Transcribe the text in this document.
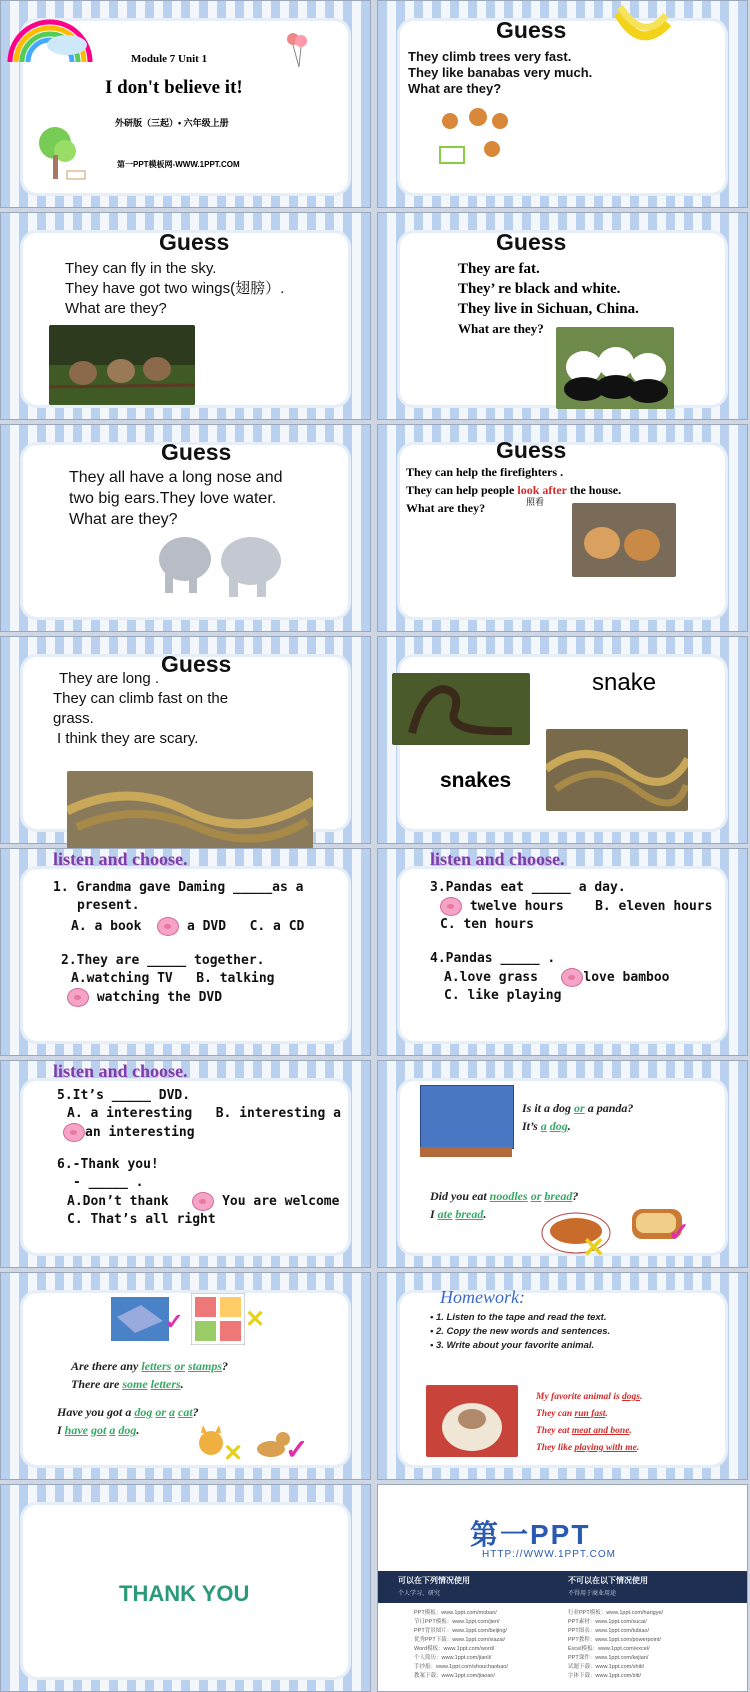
Module 7 Unit 1
I don't believe it!
外研版（三起）• 六年级上册
第一PPT模板网-WWW.1PPT.COM
Guess
They climb trees very fast.
They like banabas very much.
What are they?
Guess
They can fly in the sky.
They have got two wings(翅膀）.
What are they?
Guess
They are fat.
They’ re black and white.
They live in Sichuan, China.
What are they?
Guess
They all have a long nose and
two big ears.They love water.
What are they?
Guess
They can help the firefighters .
They can help people look after the house.
What are they?	照看
Guess
They are long .
They can climb fast on the
grass.
I think they are scary.
snake
snakes
listen and choose.
1. Grandma gave Daming _____as a
present.
A. a book	a DVD C. a CD
2.They are _____ together.
A.watching TV B. talking
watching the DVD
listen and choose.
3.Pandas eat _____ a day.
twelve hours B. eleven hours
C. ten hours
4.Pandas _____ .
A.love grass	love bamboo
C. like playing
listen and choose.
5.It’s _____ DVD.
A. a interesting B. interesting a
an interesting
6.-Thank you!
- _____ .
A.Don’t thank	You are welcome
C. That’s all right
Is it a dog or a panda?
It’s a dog.
Did you eat noodles or bread?
I ate bread.
✕ ✓
✓	✕
Are there any letters or stamps?
There are some letters.
Have you got a dog or a cat?
I have got a dog.
✕ ✓
Homework:
• 1. Listen to the tape and read the text.
• 2. Copy the new words and sentences.
• 3. Write about your favorite animal.
My favorite animal is dogs.
They can run fast.
They eat meat and bone.
They like playing with me.
THANK YOU
第一PPT
HTTP://WWW.1PPT.COM
可以在下列情况使用
个人学习、研究
不可以在以下情况使用
不得用于商业用途
PPT模板：www.1ppt.com/moban/
节日PPT模板：www.1ppt.com/jieri/
PPT背景图片：www.1ppt.com/beijing/
优秀PPT下载：www.1ppt.com/xiazai/
Word模板：www.1ppt.com/word/
个人简历：www.1ppt.com/jianli/
手抄报：www.1ppt.com/shouchaobao/
教案下载：www.1ppt.com/jiaoan/
行业PPT模板：www.1ppt.com/hangye/
PPT素材：www.1ppt.com/sucai/
PPT图表：www.1ppt.com/tubiao/
PPT教程：www.1ppt.com/powerpoint/
Excel模板：www.1ppt.com/excel/
PPT课件：www.1ppt.com/kejian/
试题下载：www.1ppt.com/shiti/
字体下载：www.1ppt.com/ziti/
